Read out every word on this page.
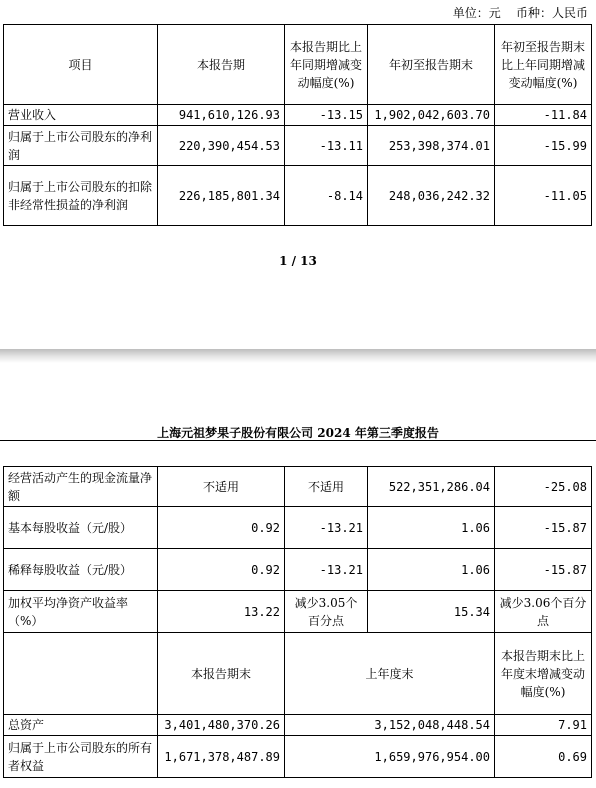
单位：元 币种：人民币
项目	本报告期	本报告期比上年同期增减变动幅度(%)	年初至报告期末	年初至报告期末比上年同期增减变动幅度(%)
营业收入	941,610,126.93	-13.15	1,902,042,603.70	-11.84
归属于上市公司股东的净利润	220,390,454.53	-13.11	253,398,374.01	-15.99
归属于上市公司股东的扣除非经常性损益的净利润	226,185,801.34	-8.14	248,036,242.32	-11.05
1 / 13
上海元祖梦果子股份有限公司 2024 年第三季度报告
经营活动产生的现金流量净额	不适用	不适用	522,351,286.04	-25.08
基本每股收益（元/股）	0.92	-13.21	1.06	-15.87
稀释每股收益（元/股）	0.92	-13.21	1.06	-15.87
加权平均净资产收益率（%）	13.22	减少3.05个百分点	15.34	减少3.06个百分点
	本报告期末	上年度末		本报告期末比上年度末增减变动幅度(%)
总资产	3,401,480,370.26	3,152,048,448.54		7.91
归属于上市公司股东的所有者权益	1,671,378,487.89	1,659,976,954.00		0.69
